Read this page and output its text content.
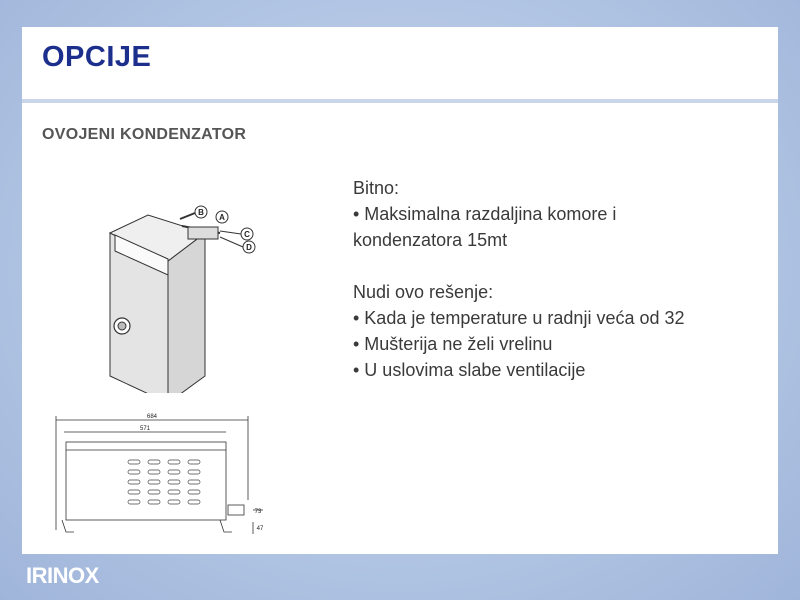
OPCIJE
OVOJENI KONDENZATOR
B
A
C
D
684
571
73
47
Bitno:
• Maksimalna razdaljina komore i
kondenzatora 15mt
Nudi ovo rešenje:
• Kada je temperature u radnji veća od 32
• Mušterija ne želi vrelinu
• U uslovima slabe ventilacije
IRINOX
